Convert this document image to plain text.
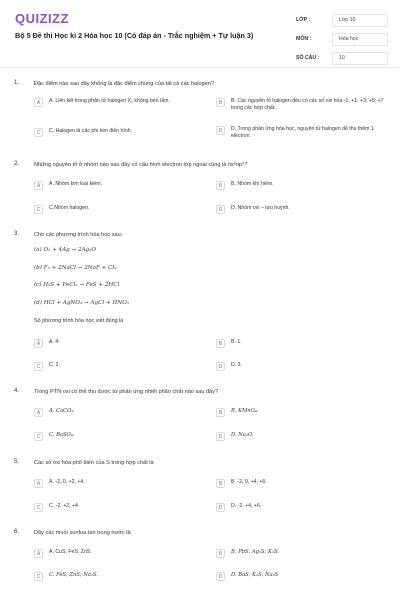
QUIZIZZ
Bộ 5 Đề thi Học kì 2 Hóa học 10 (Có đáp án - Trắc nghiệm + Tự luận 3)
LỚP :	Lớp 10
MÔN :	Hóa học
SỐ CÂU :	10
1.	Đặc điểm nào sau đây không là đặc điểm chung của tất cả các halogen?
A	A. Liên kết trong phân tử halogen X₂ không bền lắm.	B	B. Các nguyên tố halogen đều có các số oxi hóa -1; +1; +3; +5; +7 trong các hợp chất.
C	C. Halogen là các phi kim điển hình.	D	D. Trong phân ửng hóa học, nguyên tử halogen dễ thu thêm 1 electron.
2.	Những nguyên tố ở nhóm nào sau đây có cấu hình electron lớp ngoài cùng là ns²np⁴?
A	A. Nhóm kim loại kiềm.	B	B. Nhóm khí hiếm.
C	C.Nhóm halogen.	D	D. Nhóm oxi – lưu huỳnh.
3.	Cho các phương trình hóa học sau:
(a) O₂ + 4Ag → 2Ag₂O
(b) F₂ + 2NaCl → 2NaF + Cl₂
(c) H₂S + FeCl₂ → FeS + 2HCl
(d) HCl + AgNO₃ → AgCl + HNO₃
Số phương trình hóa học viết đúng là
A	A. 4.	B	B. 1.
C	C. 2.	D	D. 3.
4.	Trong PTN oxi có thể thu được từ phản ứng nhiệt phân chất nào sau đây?
A	A. CaCO₃.	B	B. KMnO₄.
C	C. BaSO₄.	D	D. Na₂O.
5.	Các số oxi hóa phổ biến của S trong hợp chất là
A	A. -2, 0, +2, +4.	B	B. -2, 0, +4, +6.
C	C. -2, +2, +4.	D	D. -2, +4, +6.
6.	Dãy các muối sunfua tan trong nước là
A	A. CuS; FeS; ZnS.	B	B. PbS; Ag₂S; K₂S.
C	C. FeS; ZnS; Na₂S.	D	D. BaS; K₂S; Na₂S
